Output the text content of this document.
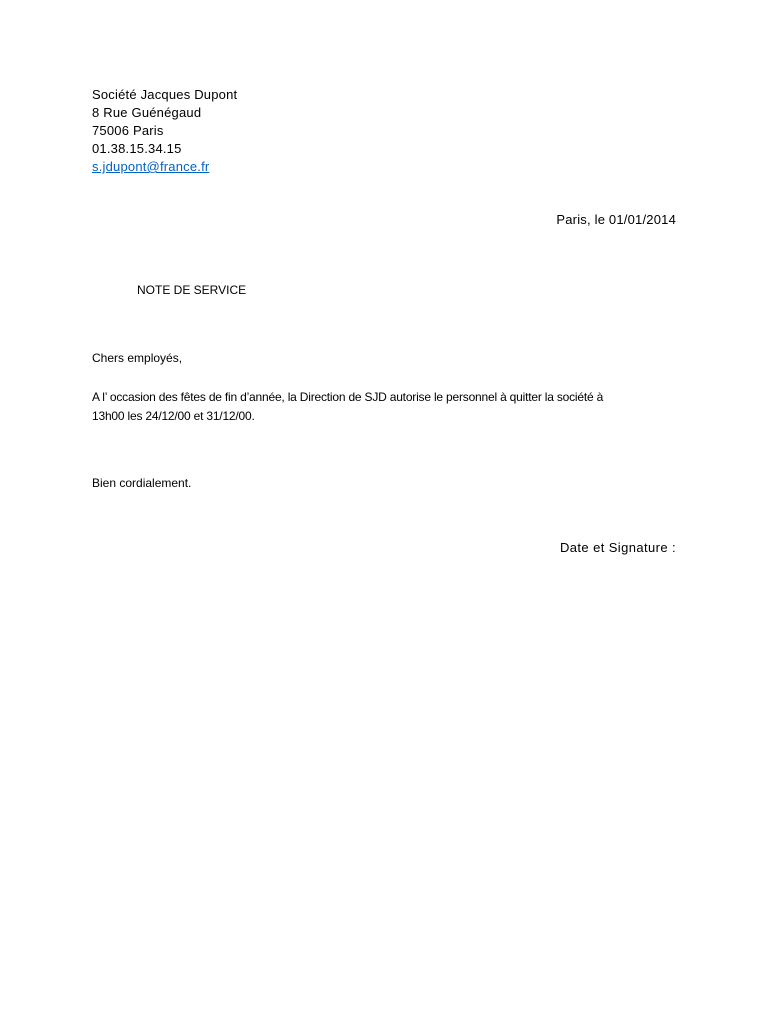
Société Jacques Dupont
8 Rue Guénégaud
75006 Paris
01.38.15.34.15
s.jdupont@france.fr
Paris, le 01/01/2014
NOTE DE SERVICE
Chers employés,
A l’ occasion des fêtes de fin d’année, la Direction de SJD autorise le personnel à quitter la société à
13h00 les 24/12/00 et 31/12/00.
Bien cordialement.
Date et Signature :
